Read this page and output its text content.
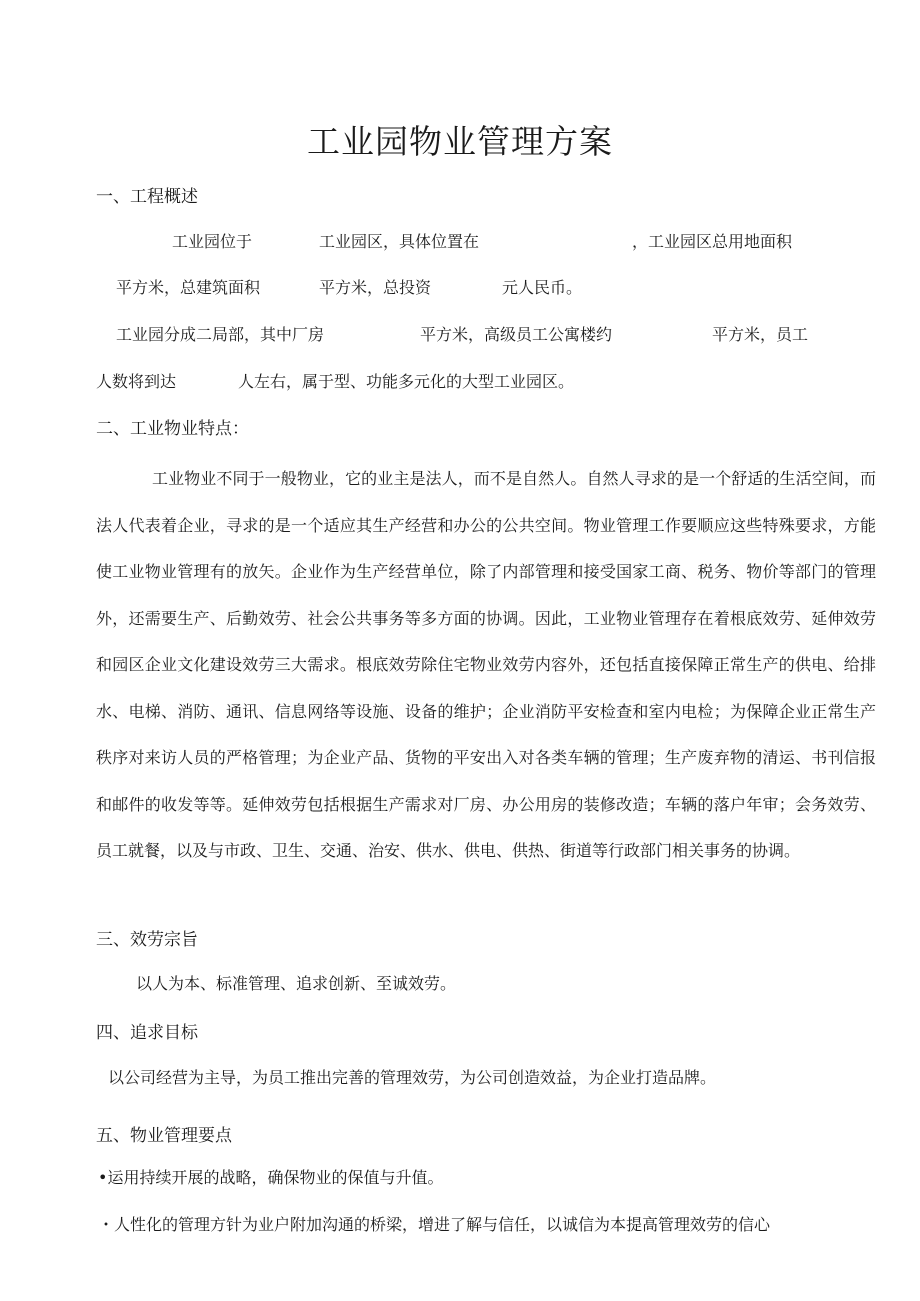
工业园物业管理方案
一、工程概述
工业园位于	工业园区，具体位置在	，工业园区总用地面积
平方米，总建筑面积	平方米，总投资	元人民币。
工业园分成二局部，其中厂房	平方米，高级员工公寓楼约	平方米，员工
人数将到达	人左右，属于型、功能多元化的大型工业园区。
二、工业物业特点：
工业物业不同于一般物业，它的业主是法人，而不是自然人。自然人寻求的是一个舒适的生活空间，而法人代表着企业，寻求的是一个适应其生产经营和办公的公共空间。物业管理工作要顺应这些特殊要求，方能使工业物业管理有的放矢。企业作为生产经营单位，除了内部管理和接受国家工商、税务、物价等部门的管理外，还需要生产、后勤效劳、社会公共事务等多方面的协调。因此，工业物业管理存在着根底效劳、延伸效劳和园区企业文化建设效劳三大需求。根底效劳除住宅物业效劳内容外，还包括直接保障正常生产的供电、给排水、电梯、消防、通讯、信息网络等设施、设备的维护；企业消防平安检查和室内电检；为保障企业正常生产秩序对来访人员的严格管理；为企业产品、货物的平安出入对各类车辆的管理；生产废弃物的清运、书刊信报和邮件的收发等等。延伸效劳包括根据生产需求对厂房、办公用房的装修改造；车辆的落户年审；会务效劳、员工就餐，以及与市政、卫生、交通、治安、供水、供电、供热、街道等行政部门相关事务的协调。
三、效劳宗旨
以人为本、标准管理、追求创新、至诚效劳。
四、追求目标
以公司经营为主导，为员工推出完善的管理效劳，为公司创造效益，为企业打造品牌。
五、物业管理要点
•运用持续开展的战略，确保物业的保值与升值。
・人性化的管理方针为业户附加沟通的桥梁，增进了解与信任，以诚信为本提高管理效劳的信心
